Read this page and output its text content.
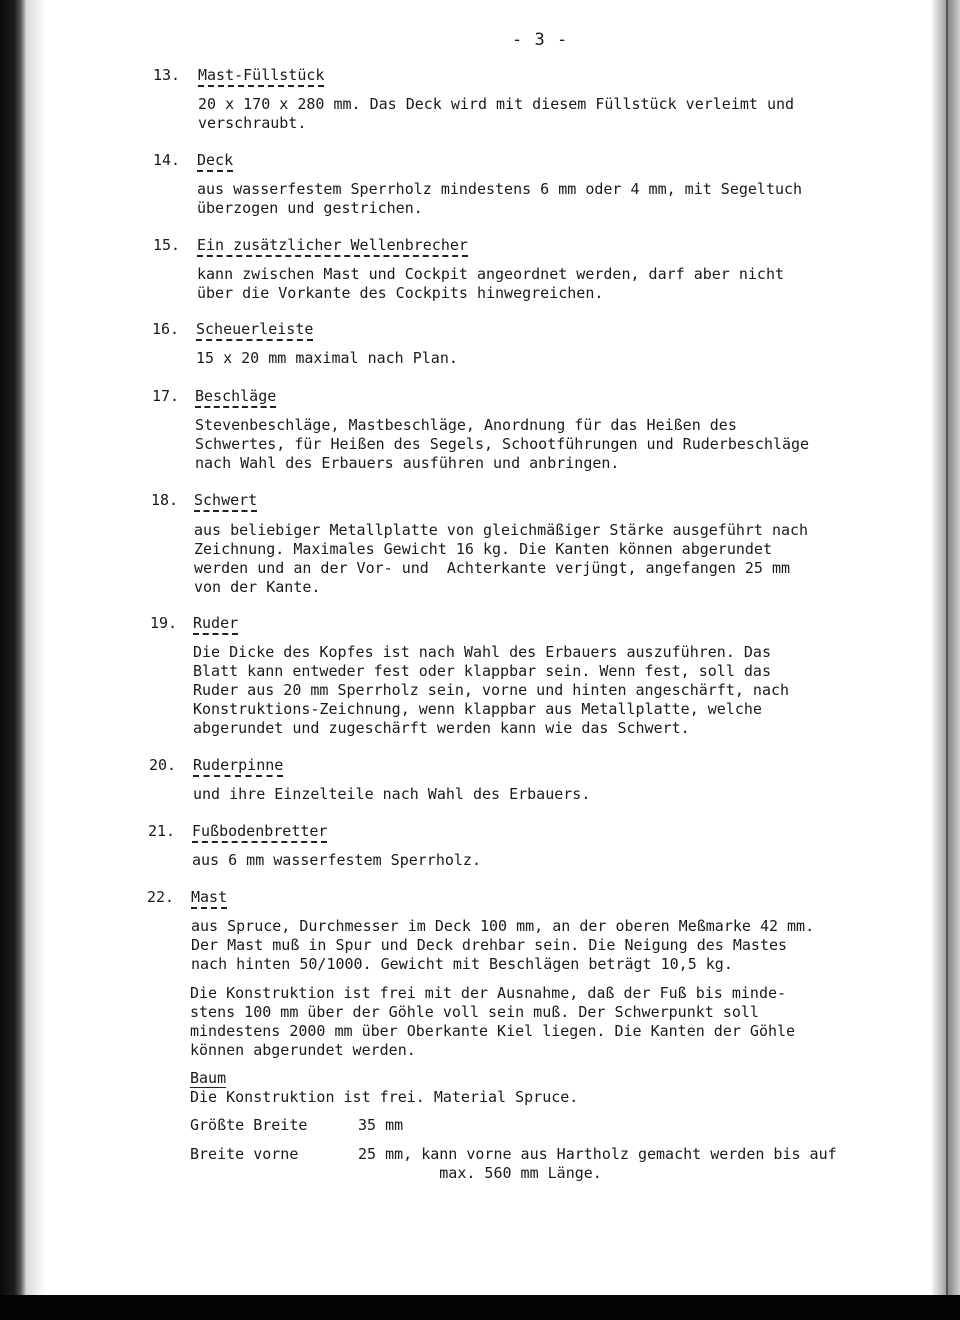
- 3 -
13. Mast-Füllstück
20 x 170 x 280 mm. Das Deck wird mit diesem Füllstück verleimt und
verschraubt.
14. Deck
aus wasserfestem Sperrholz mindestens 6 mm oder 4 mm, mit Segeltuch
überzogen und gestrichen.
15. Ein zusätzlicher Wellenbrecher
kann zwischen Mast und Cockpit angeordnet werden, darf aber nicht
über die Vorkante des Cockpits hinwegreichen.
16. Scheuerleiste
15 x 20 mm maximal nach Plan.
17. Beschläge
Stevenbeschläge, Mastbeschläge, Anordnung für das Heißen des
Schwertes, für Heißen des Segels, Schootführungen und Ruderbeschläge
nach Wahl des Erbauers ausführen und anbringen.
18. Schwert
aus beliebiger Metallplatte von gleichmäßiger Stärke ausgeführt nach
Zeichnung. Maximales Gewicht 16 kg. Die Kanten können abgerundet
werden und an der Vor- und  Achterkante verjüngt, angefangen 25 mm
von der Kante.
19. Ruder
Die Dicke des Kopfes ist nach Wahl des Erbauers auszuführen. Das
Blatt kann entweder fest oder klappbar sein. Wenn fest, soll das
Ruder aus 20 mm Sperrholz sein, vorne und hinten angeschärft, nach
Konstruktions-Zeichnung, wenn klappbar aus Metallplatte, welche
abgerundet und zugeschärft werden kann wie das Schwert.
20. Ruderpinne
und ihre Einzelteile nach Wahl des Erbauers.
21. Fußbodenbretter
aus 6 mm wasserfestem Sperrholz.
22. Mast
aus Spruce, Durchmesser im Deck 100 mm, an der oberen Meßmarke 42 mm.
Der Mast muß in Spur und Deck drehbar sein. Die Neigung des Mastes
nach hinten 50/1000. Gewicht mit Beschlägen beträgt 10,5 kg.
Die Konstruktion ist frei mit der Ausnahme, daß der Fuß bis minde-
stens 100 mm über der Göhle voll sein muß. Der Schwerpunkt soll
mindestens 2000 mm über Oberkante Kiel liegen. Die Kanten der Göhle
können abgerundet werden.
Baum
Die Konstruktion ist frei. Material Spruce.
Größte Breite	35 mm
Breite vorne	25 mm, kann vorne aus Hartholz gemacht werden bis auf
max. 560 mm Länge.
